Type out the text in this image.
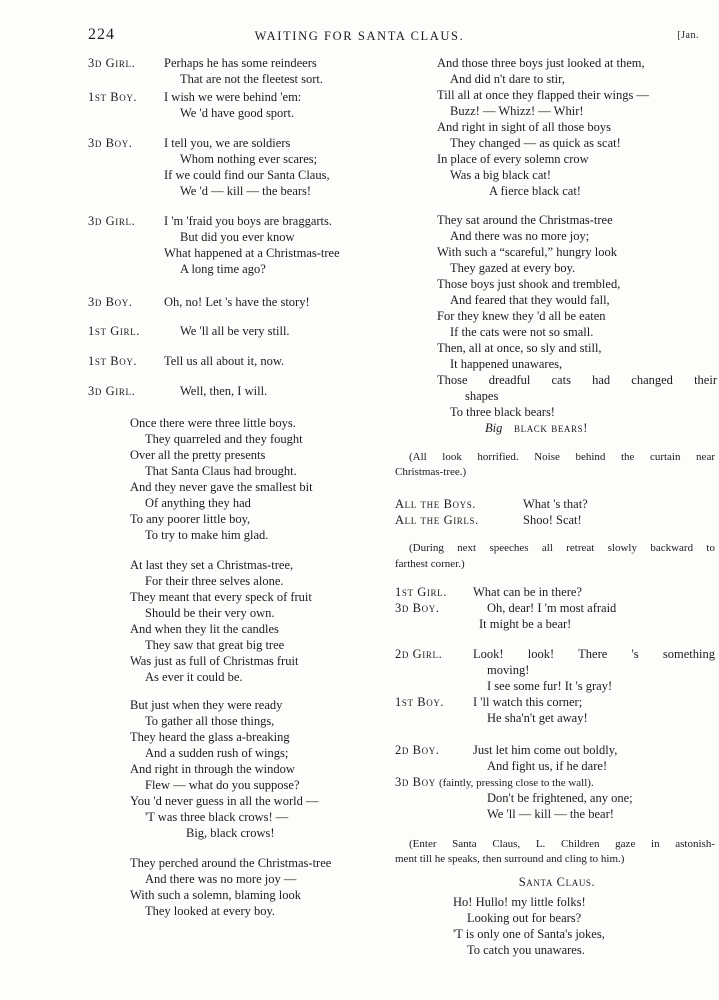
224	WAITING FOR SANTA CLAUS.	[Jan.
3d Girl. Perhaps he has some reindeers
That are not the fleetest sort.
1st Boy. I wish we were behind 'em:
We 'd have good sport.
3d Boy.	I tell you, we are soldiers
Whom nothing ever scares;
If we could find our Santa Claus,
We 'd — kill — the bears!
3d Girl. I 'm 'fraid you boys are braggarts.
But did you ever know
What happened at a Christmas-tree
A long time ago?
3d Boy.	Oh, no! Let 's have the story!
1st Girl.	We 'll all be very still.
1st Boy. Tell us all about it, now.
3d Girl.	Well, then, I will.
Once there were three little boys.
They quarreled and they fought
Over all the pretty presents
That Santa Claus had brought.
And they never gave the smallest bit
Of anything they had
To any poorer little boy,
To try to make him glad.
At last they set a Christmas-tree,
For their three selves alone.
They meant that every speck of fruit
Should be their very own.
And when they lit the candles
They saw that great big tree
Was just as full of Christmas fruit
As ever it could be.
But just when they were ready
To gather all those things,
They heard the glass a-breaking
And a sudden rush of wings;
And right in through the window
Flew — what do you suppose?
You 'd never guess in all the world —
'T was three black crows! —
Big, black crows!
They perched around the Christmas-tree
And there was no more joy —
With such a solemn, blaming look
They looked at every boy.
And those three boys just looked at them,
And did n't dare to stir,
Till all at once they flapped their wings —
Buzz! — Whizz! — Whir!
And right in sight of all those boys
They changed — as quick as scat!
In place of every solemn crow
Was a big black cat!
A fierce black cat!
They sat around the Christmas-tree
And there was no more joy;
With such a “scareful,” hungry look
They gazed at every boy.
Those boys just shook and trembled,
And feared that they would fall,
For they knew they 'd all be eaten
If the cats were not so small.
Then, all at once, so sly and still,
It happened unawares,
Those dreadful cats had changed their
shapes
To three black bears!
Big black bears!
(All look horrified. Noise behind the curtain near
Christmas-tree.)
All the Boys.	What 's that?
All the Girls.	Shoo! Scat!
(During next speeches all retreat slowly backward to
farthest corner.)
1st Girl. What can be in there?
3d Boy.	Oh, dear! I 'm most afraid
It might be a bear!
2d Girl. Look! look! There 's something
moving!
I see some fur! It 's gray!
1st Boy. I 'll watch this corner;
He sha'n't get away!
2d Boy.	Just let him come out boldly,
And fight us, if he dare!
3d Boy (faintly, pressing close to the wall).
Don't be frightened, any one;
We 'll — kill — the bear!
(Enter Santa Claus, L. Children gaze in astonish-
ment till he speaks, then surround and cling to him.)
Santa Claus.
Ho! Hullo! my little folks!
Looking out for bears?
'T is only one of Santa's jokes,
To catch you unawares.
